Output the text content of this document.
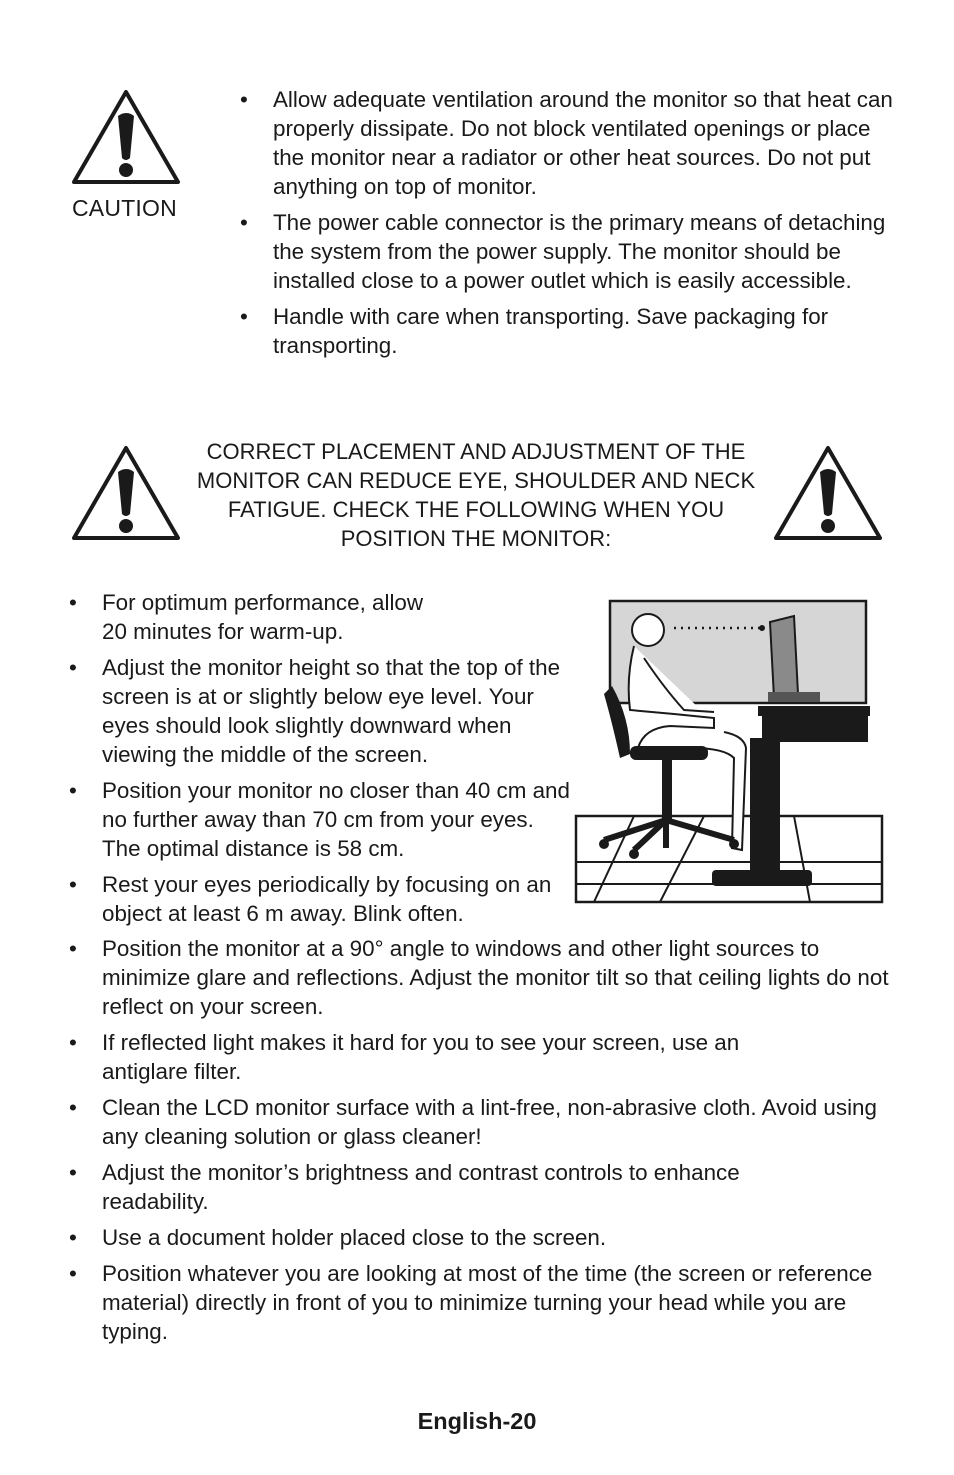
CAUTION
• Allow adequate ventilation around the monitor so that heat can properly dissipate. Do not block ventilated openings or place the monitor near a radiator or other heat sources. Do not put anything on top of monitor.
• The power cable connector is the primary means of detaching the system from the power supply. The monitor should be installed close to a power outlet which is easily accessible.
• Handle with care when transporting. Save packaging for transporting.
CORRECT PLACEMENT AND ADJUSTMENT OF THE MONITOR CAN REDUCE EYE, SHOULDER AND NECK FATIGUE. CHECK THE FOLLOWING WHEN YOU POSITION THE MONITOR:
• For optimum performance, allow 20 minutes for warm-up.
• Adjust the monitor height so that the top of the screen is at or slightly below eye level. Your eyes should look slightly downward when viewing the middle of the screen.
• Position your monitor no closer than 40 cm and no further away than 70 cm from your eyes. The optimal distance is 58 cm.
• Rest your eyes periodically by focusing on an object at least 6 m away. Blink often.
• Position the monitor at a 90° angle to windows and other light sources to minimize glare and reflections. Adjust the monitor tilt so that ceiling lights do not reflect on your screen.
• If reflected light makes it hard for you to see your screen, use an antiglare filter.
• Clean the LCD monitor surface with a lint-free, non-abrasive cloth. Avoid using any cleaning solution or glass cleaner!
• Adjust the monitor’s brightness and contrast controls to enhance readability.
• Use a document holder placed close to the screen.
• Position whatever you are looking at most of the time (the screen or reference material) directly in front of you to minimize turning your head while you are typing.
English-20
